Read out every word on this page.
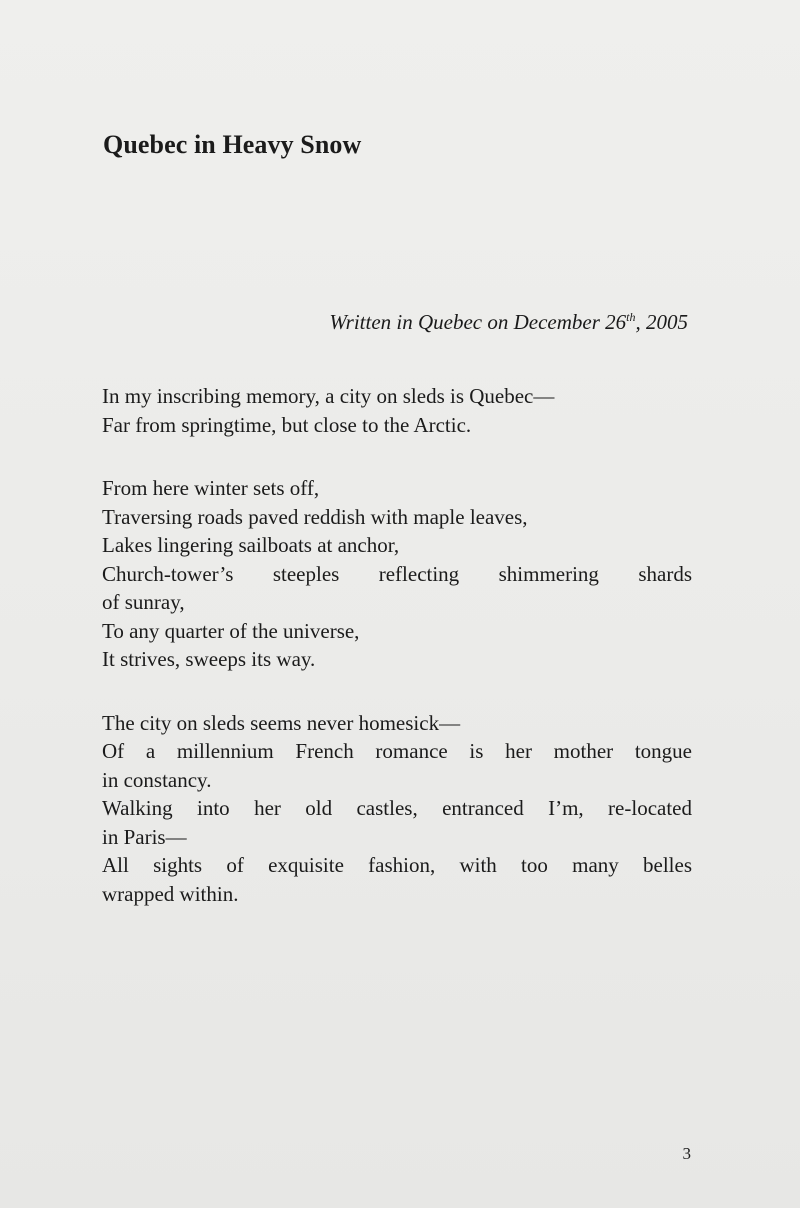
Quebec in Heavy Snow

Written in Quebec on December 26th, 2005

In my inscribing memory, a city on sleds is Quebec—
Far from springtime, but close to the Arctic.
From here winter sets off,
Traversing roads paved reddish with maple leaves,
Lakes lingering sailboats at anchor,
Church-tower’s steeples reflecting shimmering shards
of sunray,
To any quarter of the universe,
It strives, sweeps its way.
The city on sleds seems never homesick—
Of a millennium French romance is her mother tongue
in constancy.
Walking into her old castles, entranced I’m, re-located
in Paris—
All sights of exquisite fashion, with too many belles
wrapped within.
3
